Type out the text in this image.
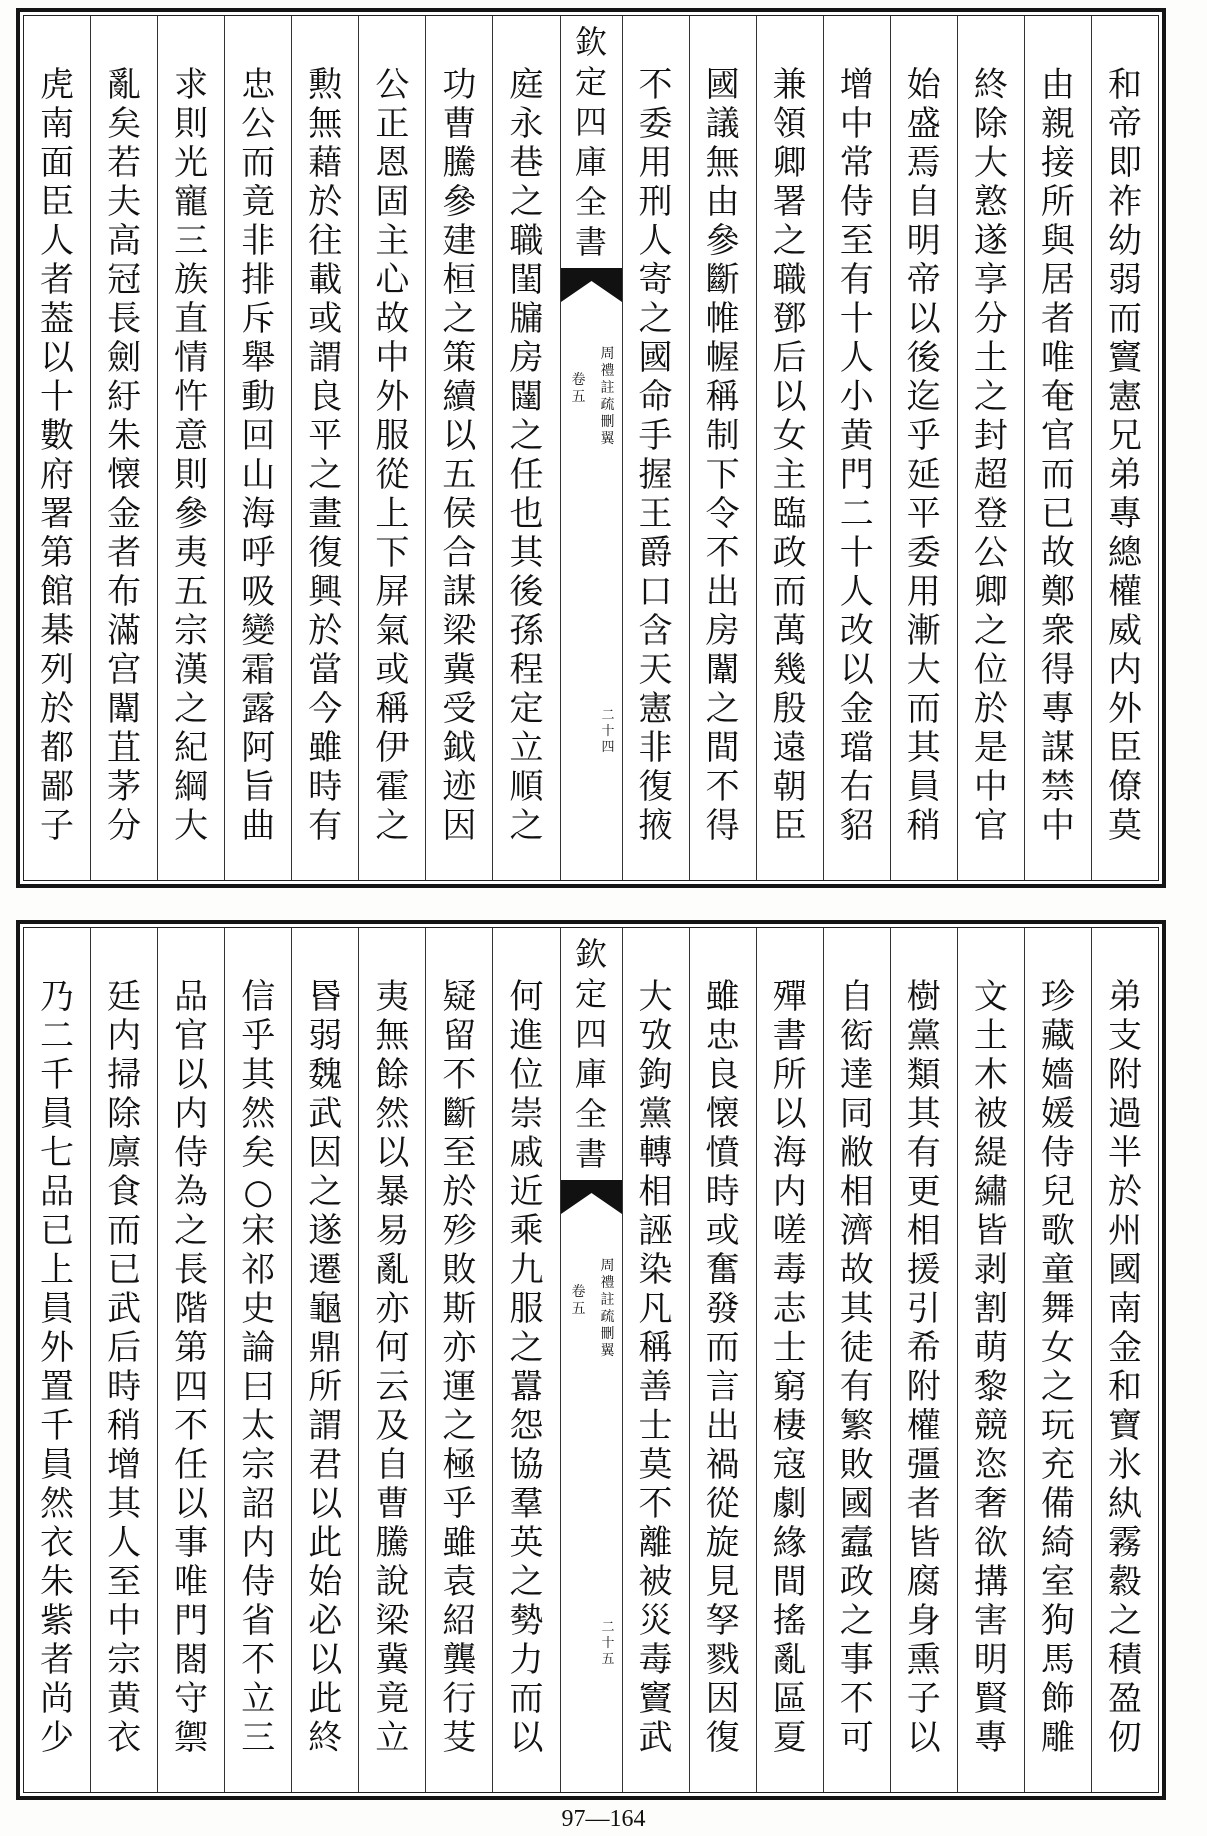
和帝即祚幼弱而竇憲兄弟專總權威内外臣僚莫
由親接所與居者唯奄官而已故鄭衆得專謀禁中
終除大憝遂享分土之封超登公卿之位於是中官
始盛焉自明帝以後迄乎延平委用漸大而其員稍
增中常侍至有十人小黄門二十人改以金璫右貂
兼領卿署之職鄧后以女主臨政而萬幾殷遠朝臣
國議無由參斷帷幄稱制下令不出房闈之間不得
不委用刑人寄之國命手握王爵口含天憲非復掖
欽定四庫全書
周禮註疏刪翼
卷五
二十四
庭永巷之職閨牖房闥之任也其後孫程定立順之
功曹騰參建桓之策續以五侯合謀梁冀受鉞迹因
公正恩固主心故中外服從上下屏氣或稱伊霍之
勲無藉於往載或謂良平之畫復興於當今雖時有
忠公而竟非排斥舉動回山海呼吸變霜露阿旨曲
求則光寵三族直情忤意則參夷五宗漢之紀綱大
亂矣若夫高冠長劍紆朱懐金者布滿宫闈苴茅分
虎南面臣人者葢以十數府署第館棊列於都鄙子
弟支附過半於州國南金和寶氷紈霧縠之積盈仞
珍藏嬙媛侍兒歌童舞女之玩充備綺室狗馬飾雕
文土木被緹繡皆剥割萌黎競恣奢欲搆害明賢專
樹黨類其有更相援引希附權彊者皆腐身熏子以
自衒達同敝相濟故其徒有繁敗國蠧政之事不可
殫書所以海内嗟毒志士窮棲寇劇緣間搖亂區夏
雖忠良懐憤時或奮發而言出禍從旋見孥戮因復
大攷鉤黨轉相誣染凡稱善士莫不離被災毒竇武
欽定四庫全書
周禮註疏刪翼
卷五
二十五
何進位崇戚近乘九服之囂怨協羣英之勢力而以
疑留不斷至於殄敗斯亦運之極乎雖袁紹龔行芟
夷無餘然以暴易亂亦何云及自曹騰說梁冀竟立
昬弱魏武因之遂遷龜鼎所謂君以此始必以此終
信乎其然矣○宋祁史論曰太宗詔内侍省不立三
品官以内侍為之長階第四不任以事唯門閤守禦
廷内掃除廪食而已武后時稍增其人至中宗黄衣
乃二千員七品已上員外置千員然衣朱紫者尚少
97—164
